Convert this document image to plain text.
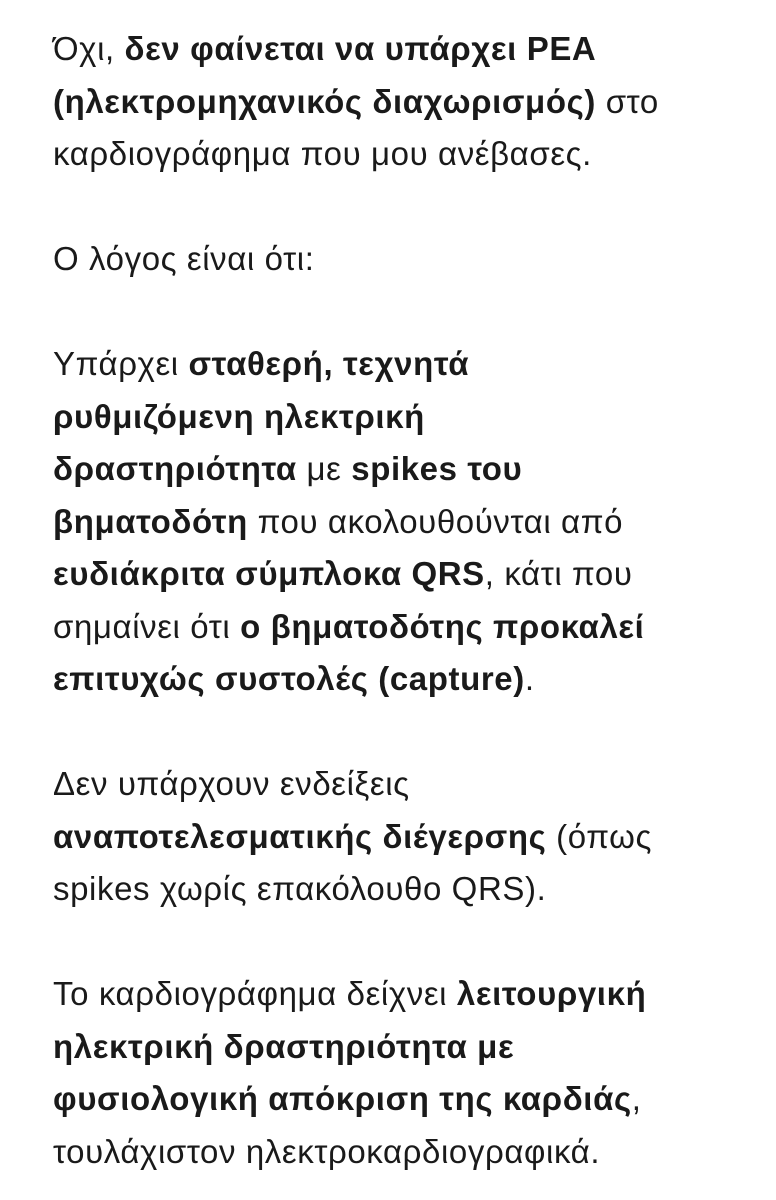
Όχι, δεν φαίνεται να υπάρχει PEA
(ηλεκτρομηχανικός διαχωρισμός) στο
καρδιογράφημα που μου ανέβασες.

Ο λόγος είναι ότι:

Υπάρχει σταθερή, τεχνητά
ρυθμιζόμενη ηλεκτρική
δραστηριότητα με spikes του
βηματοδότη που ακολουθούνται από
ευδιάκριτα σύμπλοκα QRS, κάτι που
σημαίνει ότι ο βηματοδότης προκαλεί
επιτυχώς συστολές (capture).

Δεν υπάρχουν ενδείξεις
αναποτελεσματικής διέγερσης (όπως
spikes χωρίς επακόλουθο QRS).

Το καρδιογράφημα δείχνει λειτουργική
ηλεκτρική δραστηριότητα με
φυσιολογική απόκριση της καρδιάς,
τουλάχιστον ηλεκτροκαρδιογραφικά.
